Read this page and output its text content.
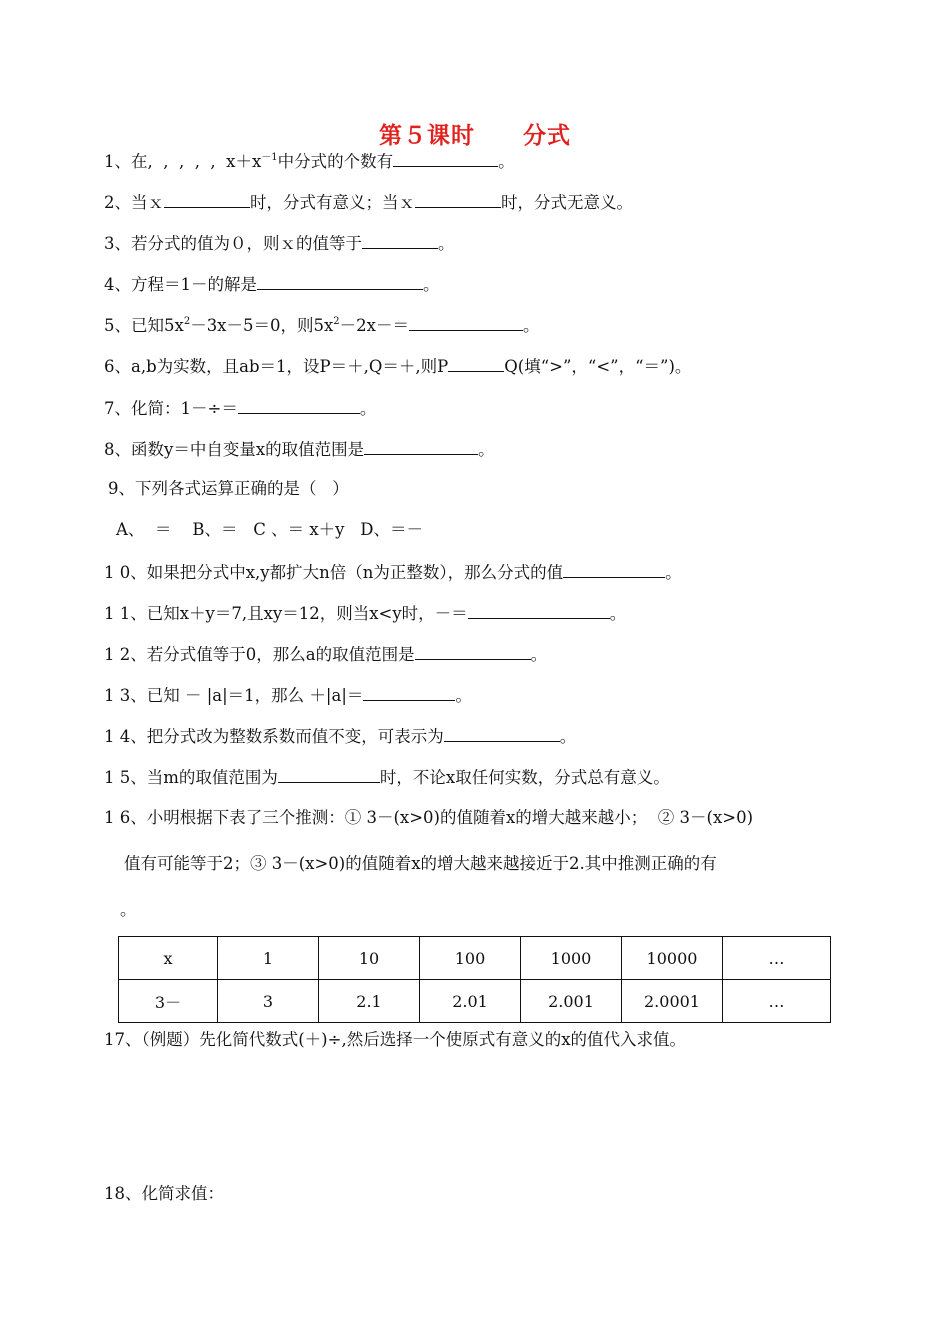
第５课时 分式
1、在,  ,  ,  ,  ,  $x+x^{-1}$中分式的个数有	。
2、当ｘ	时，分式有意义；当ｘ	时，分式无意义。
3、若分式的值为０，则ｘ的值等于	。
4、方程＝1－的解是	。
5、已知$5x^2-3x-5=0$，则$5x^2-2x-=$	。
6、a,b为实数，且ab＝1，设P＝＋,Q＝＋,则P	Q(填“>”，“<”，“＝”)。
7、化简：1－÷＝	。
8、函数y＝中自变量x的取值范围是	。
9、下列各式运算正确的是（   ）
A、  ＝    B、＝   C 、＝ x＋y   D、＝－
1 0、如果把分式中x,y都扩大n倍（n为正整数），那么分式的值	。
1 1、已知x＋y＝7,且xy＝12，则当x<y时，－＝	。
1 2、若分式值等于0，那么a的取值范围是	。
1 3、已知 － |a|＝1，那么 ＋|a|＝	。
1 4、把分式改为整数系数而值不变，可表示为	。
1 5、当m的取值范围为	时，不论x取任何实数，分式总有意义。
1 6、小明根据下表了三个推测：① 3－(x>0)的值随着x的增大越来越小；  ② 3－(x>0)
值有可能等于2；③ 3－(x>0)的值随着x的增大越来越接近于2.其中推测正确的有
。
x	1	10	100	1000	10000	…
3－	3	2.1	2.01	2.001	2.0001	…
17、（例题）先化简代数式(＋)÷,然后选择一个使原式有意义的x的值代入求值。
18、化简求值：
